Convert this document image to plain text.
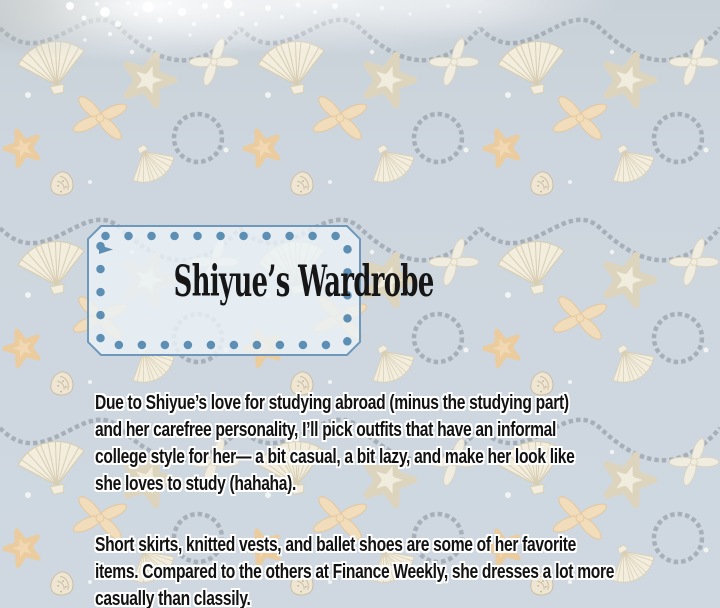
Shiyue’s Wardrobe

Due to Shiyue’s love for studying abroad (minus the studying part)
and her carefree personality, I’ll pick outfits that have an informal
college style for her— a bit casual, a bit lazy, and make her look like
she loves to study (hahaha).

Short skirts, knitted vests, and ballet shoes are some of her favorite
items. Compared to the others at Finance Weekly, she dresses a lot more
casually than classily.
